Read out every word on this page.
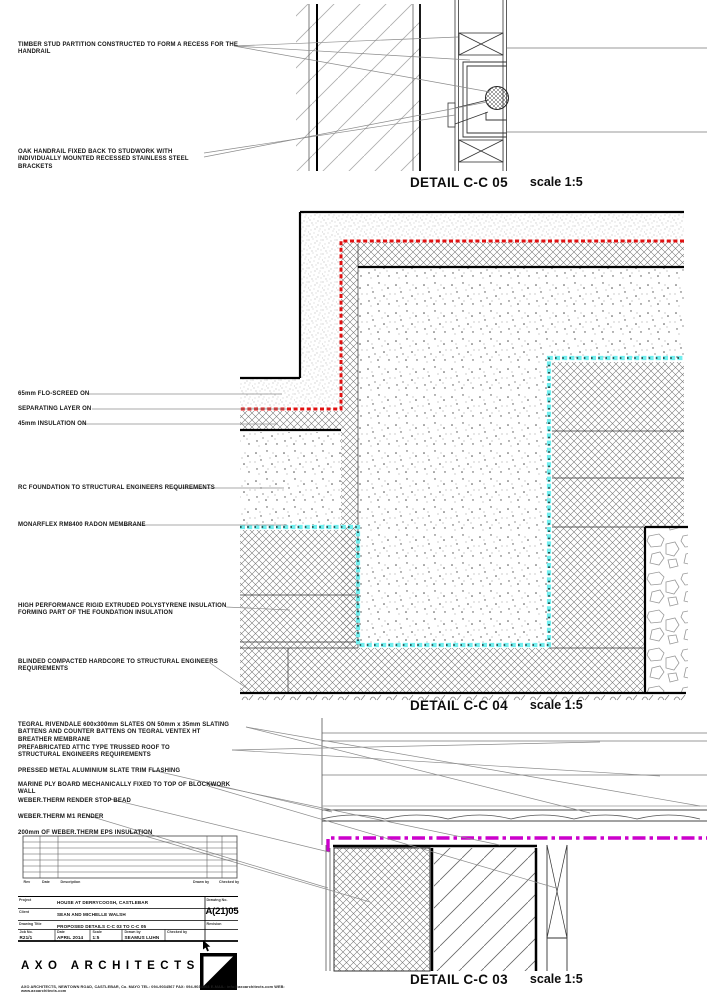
TIMBER STUD PARTITION CONSTRUCTED TO FORM A RECESS FOR THE HANDRAIL
OAK HANDRAIL FIXED BACK TO STUDWORK WITH INDIVIDUALLY MOUNTED RECESSED STAINLESS STEEL BRACKETS
65mm FLO-SCREED ON
SEPARATING LAYER ON
45mm INSULATION ON
RC FOUNDATION TO STRUCTURAL ENGINEERS REQUIREMENTS
MONARFLEX RM8400 RADON MEMBRANE
HIGH PERFORMANCE RIGID EXTRUDED POLYSTYRENE INSULATION FORMING PART OF THE FOUNDATION INSULATION
BLINDED COMPACTED HARDCORE TO STRUCTURAL ENGINEERS REQUIREMENTS
TEGRAL RIVENDALE 600x300mm SLATES ON 50mm x 35mm SLATING BATTENS AND COUNTER BATTENS ON TEGRAL VENTEX HT BREATHER MEMBRANE
PREFABRICATED ATTIC TYPE TRUSSED ROOF TO STRUCTURAL ENGINEERS REQUIREMENTS
PRESSED METAL ALUMINIUM SLATE TRIM FLASHING
MARINE PLY BOARD MECHANICALLY FIXED TO TOP OF BLOCKWORK WALL
WEBER.THERM RENDER STOP BEAD
WEBER.THERM M1 RENDER
200mm OF WEBER.THERM EPS INSULATION
DETAIL C-C 05 scale 1:5
DETAIL C-C 04 scale 1:5
DETAIL C-C 03 scale 1:5
Rev	Date	Description	Drawn by	Checked by
Project	HOUSE AT DERRYCOOSH, CASTLEBAR
Client	SEAN AND MICHELLE WALSH
Drawing Title	PROPOSED DETAILS C-C 03 TO C-C 05
Drawing No.
A(21)05
Revision
Job No.
R21/1
Date
APRIL 2014
Scale
1:5
Drawn by
SEAMUS LUHN
Checked by
AXO ARCHITECTS
AXO ARCHITECTS, NEWTOWN ROAD, CASTLEBAR, Co. MAYO TEL: 094-9034567 FAX: 094-9034568 E-MAIL: info@axoarchitects.com WEB: www.axoarchitects.com
